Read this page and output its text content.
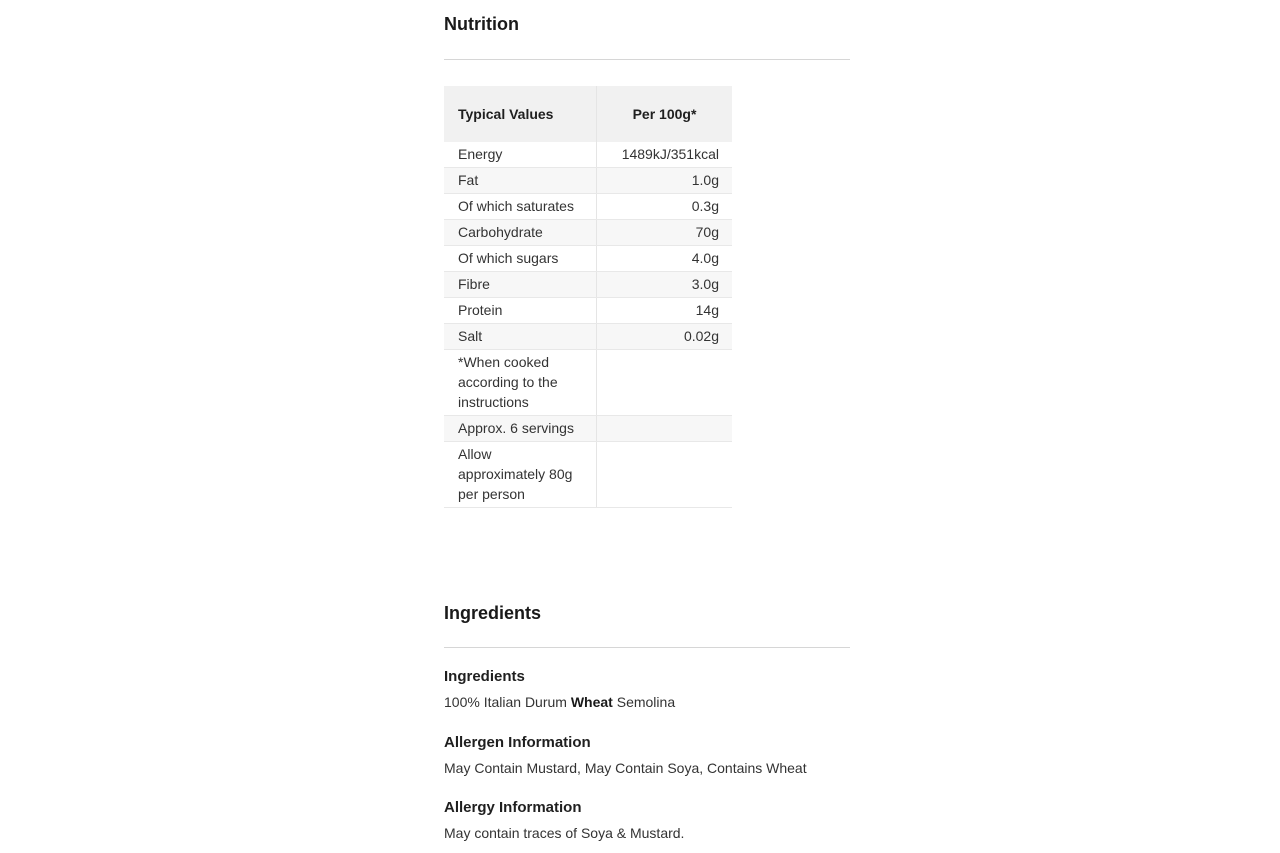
Nutrition
Typical Values	Per 100g*
Energy	1489kJ/351kcal
Fat	1.0g
Of which saturates	0.3g
Carbohydrate	70g
Of which sugars	4.0g
Fibre	3.0g
Protein	14g
Salt	0.02g
*When cooked according to the instructions	
Approx. 6 servings	
Allow approximately 80g per person	
Ingredients
Ingredients
100% Italian Durum Wheat Semolina
Allergen Information
May Contain Mustard, May Contain Soya, Contains Wheat
Allergy Information
May contain traces of Soya & Mustard.
